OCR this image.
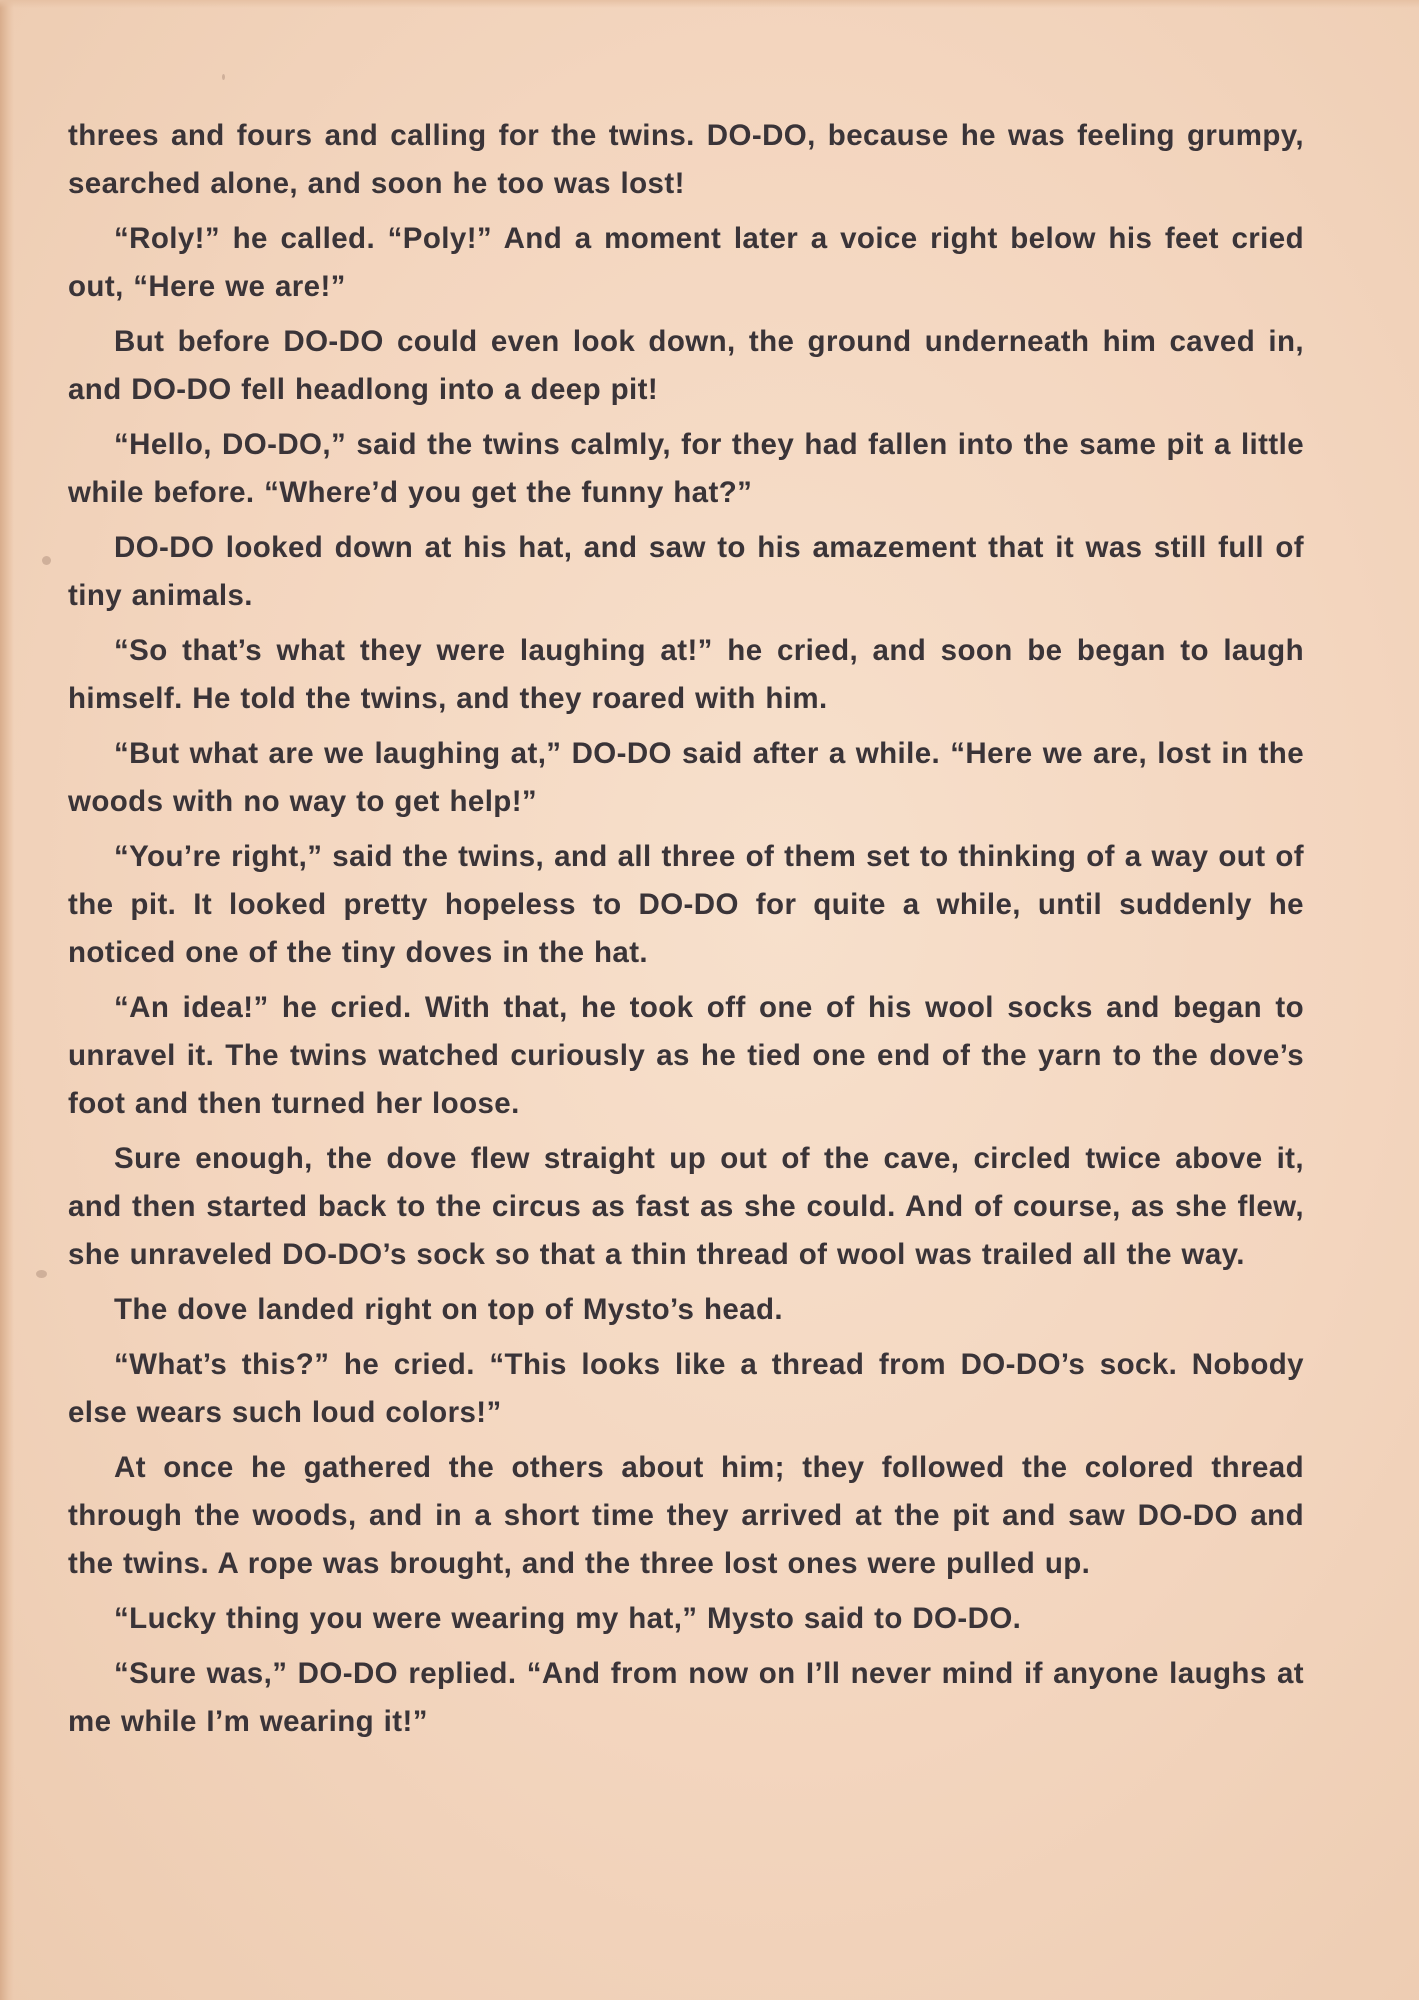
threes and fours and calling for the twins. DO-DO, because he was feeling grumpy, searched alone, and soon he too was lost!

“Roly!” he called. “Poly!” And a moment later a voice right below his feet cried out, “Here we are!”

But before DO-DO could even look down, the ground underneath him caved in, and DO-DO fell headlong into a deep pit!

“Hello, DO-DO,” said the twins calmly, for they had fallen into the same pit a little while before. “Where’d you get the funny hat?”

DO-DO looked down at his hat, and saw to his amazement that it was still full of tiny animals.

“So that’s what they were laughing at!” he cried, and soon be began to laugh himself. He told the twins, and they roared with him.

“But what are we laughing at,” DO-DO said after a while. “Here we are, lost in the woods with no way to get help!”

“You’re right,” said the twins, and all three of them set to thinking of a way out of the pit. It looked pretty hopeless to DO-DO for quite a while, until suddenly he noticed one of the tiny doves in the hat.

“An idea!” he cried. With that, he took off one of his wool socks and began to unravel it. The twins watched curiously as he tied one end of the yarn to the dove’s foot and then turned her loose.

Sure enough, the dove flew straight up out of the cave, circled twice above it, and then started back to the circus as fast as she could. And of course, as she flew, she unraveled DO-DO’s sock so that a thin thread of wool was trailed all the way.

The dove landed right on top of Mysto’s head.

“What’s this?” he cried. “This looks like a thread from DO-DO’s sock. Nobody else wears such loud colors!”

At once he gathered the others about him; they followed the colored thread through the woods, and in a short time they arrived at the pit and saw DO-DO and the twins. A rope was brought, and the three lost ones were pulled up.

“Lucky thing you were wearing my hat,” Mysto said to DO-DO.

“Sure was,” DO-DO replied. “And from now on I’ll never mind if anyone laughs at me while I’m wearing it!”
